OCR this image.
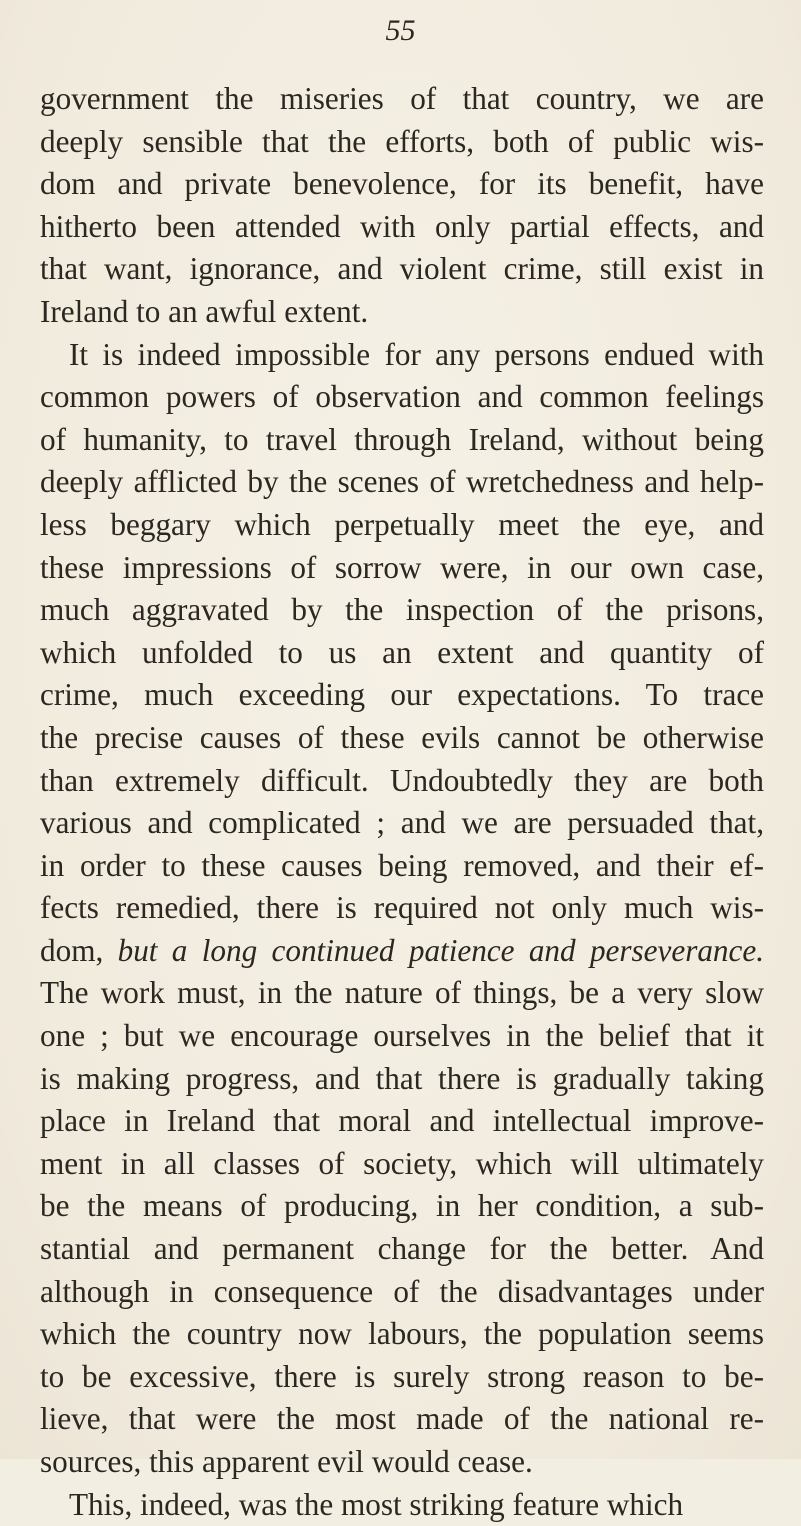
55
government the miseries of that country, we are
deeply sensible that the efforts, both of public wis-
dom and private benevolence, for its benefit, have
hitherto been attended with only partial effects, and
that want, ignorance, and violent crime, still exist in
Ireland to an awful extent.
It is indeed impossible for any persons endued with
common powers of observation and common feelings
of humanity, to travel through Ireland, without being
deeply afflicted by the scenes of wretchedness and help-
less beggary which perpetually meet the eye, and
these impressions of sorrow were, in our own case,
much aggravated by the inspection of the prisons,
which unfolded to us an extent and quantity of
crime, much exceeding our expectations. To trace
the precise causes of these evils cannot be otherwise
than extremely difficult. Undoubtedly they are both
various and complicated ; and we are persuaded that,
in order to these causes being removed, and their ef-
fects remedied, there is required not only much wis-
dom, but a long continued patience and perseverance.
The work must, in the nature of things, be a very slow
one ; but we encourage ourselves in the belief that it
is making progress, and that there is gradually taking
place in Ireland that moral and intellectual improve-
ment in all classes of society, which will ultimately
be the means of producing, in her condition, a sub-
stantial and permanent change for the better. And
although in consequence of the disadvantages under
which the country now labours, the population seems
to be excessive, there is surely strong reason to be-
lieve, that were the most made of the national re-
sources, this apparent evil would cease.
This, indeed, was the most striking feature which
